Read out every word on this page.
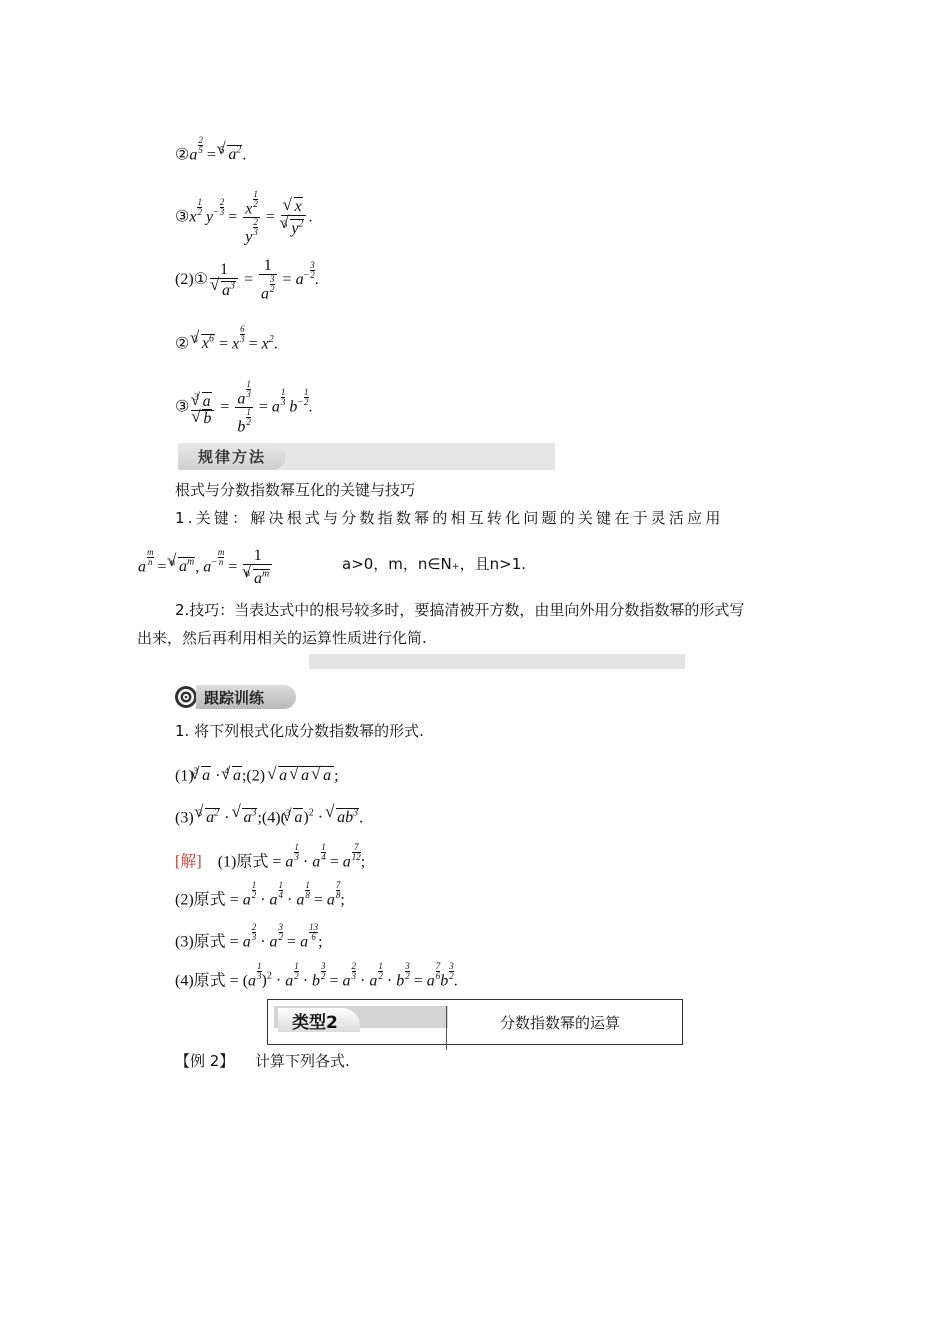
②a $\frac{2}{5} = ^5√$ $a^2$.
③x $\frac{1}{2} y^- \frac{2}{3} = \frac{x \frac{1}{2}}{y \frac{2}{3}}$ =
√ $\frac{x}{^3√ y^2}$ .
(2)① 1
√ $a^3 = \frac{1}{a \frac{3}{2}} = a^- \frac{3}{2}$ .
② $^3$√ $x^6 = x \frac{6}{3} = x^2$.
③ $^3$√ a
√ $b = \frac{a \frac{1}{3}}{b \frac{1}{2}} = a \frac{1}{3} b^- \frac{1}{2}$ .
规律方法
根式与分数指数幂互化的关键与技巧
1.关键：解决根式与分数指数幂的相互转化问题的关键在于灵活应用
a $\frac{m}{n} = ^n√$ $a^m$, $a^- \frac{m}{n} = \frac{1}{^n√ a^m}$	a>0，m，n∈N₊，且n>1.
2.技巧：当表达式中的根号较多时，要搞清被开方数，由里向外用分数指数幂的形式写
出来，然后再利用相关的运算性质进行化简.
跟踪训练
1. 将下列根式化成分数指数幂的形式.
$(1)^3√$ a · $^4$√ a;(2) √ a √ a √ a ;
(3) $^3$√ $a^2$ · √ $a^3;(4)(^3√$ a)$^2$ · √ $ab^3$.
[解]　 (1)原式 = a $\frac{1}{3} \cdot a \frac{1}{4} = a \frac{7}{12}$ ;
(2)原式 = a $\frac{1}{2} \cdot a \frac{1}{4} \cdot a \frac{1}{8} = a \frac{7}{8}$ ;
(3)原式 = a $\frac{2}{3} \cdot a \frac{3}{2} = a \frac{13}{6}$ ;
(4)原式 = $(a \frac{1}{3} )^2 \cdot a \frac{1}{2} \cdot b \frac{3}{2} = a \frac{2}{3} \cdot a \frac{1}{2} \cdot b \frac{3}{2} = a \frac{7}{6}$ b $\frac{3}{2}$ .
类型2	分数指数幂的运算
【例 2】 计算下列各式.
